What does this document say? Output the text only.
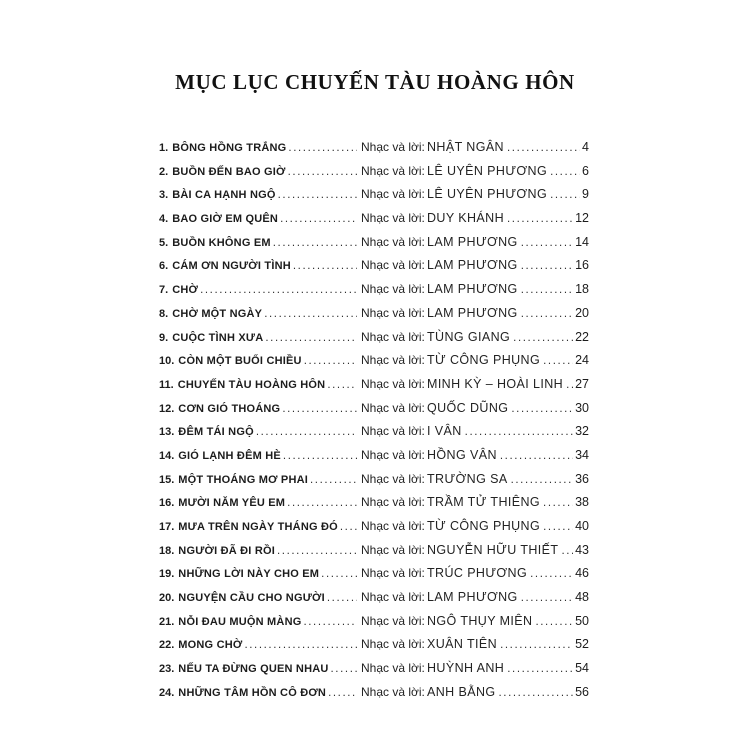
MỤC LỤC CHUYẾN TÀU HOÀNG HÔN
1. BÔNG HỒNG TRẮNG .....	Nhạc và lời: NHẬT NGÂN .....	4
2. BUỒN ĐẾN BAO GIỜ .....	Nhạc và lời: LÊ UYÊN PHƯƠNG .....	6
3. BÀI CA HẠNH NGỘ .....	Nhạc và lời: LÊ UYÊN PHƯƠNG .....	9
4. BAO GIỜ EM QUÊN .....	Nhạc và lời: DUY KHÁNH .....	12
5. BUỒN KHÔNG EM .....	Nhạc và lời: LAM PHƯƠNG .....	14
6. CÁM ƠN NGƯỜI TÌNH .....	Nhạc và lời: LAM PHƯƠNG .....	16
7. CHỜ .....	Nhạc và lời: LAM PHƯƠNG .....	18
8. CHỜ MỘT NGÀY .....	Nhạc và lời: LAM PHƯƠNG .....	20
9. CUỘC TÌNH XƯA .....	Nhạc và lời: TÙNG GIANG .....	22
10. CÒN MỘT BUỔI CHIỀU .....	Nhạc và lời: TỪ CÔNG PHỤNG .....	24
11. CHUYẾN TÀU HOÀNG HÔN .....	Nhạc và lời: MINH KỲ – HOÀI LINH ..... 27
12. CƠN GIÓ THOÁNG .....	Nhạc và lời: QUỐC DŨNG .....	30
13. ĐÊM TÁI NGỘ .....	Nhạc và lời: I VÂN .....	32
14. GIÓ LẠNH ĐÊM HÈ .....	Nhạc và lời: HỒNG VÂN .....	34
15. MỘT THOÁNG MƠ PHAI .....	Nhạc và lời: TRƯỜNG SA .....	36
16. MƯỜI NĂM YÊU EM .....	Nhạc và lời: TRẦM TỬ THIÊNG .....	38
17. MƯA TRÊN NGÀY THÁNG ĐÓ ..... Nhạc và lời: TỪ CÔNG PHỤNG .....	40
18. NGƯỜI ĐÃ ĐI RỒI .....	Nhạc và lời: NGUYỄN HỮU THIẾT ..... 43
19. NHỮNG LỜI NÀY CHO EM .....	Nhạc và lời: TRÚC PHƯƠNG .....	46
20. NGUYỆN CẦU CHO NGƯỜI .....	Nhạc và lời: LAM PHƯƠNG .....	48
21. NỖI ĐAU MUỘN MÀNG .....	Nhạc và lời: NGÔ THỤY MIÊN .....	50
22. MONG CHỜ .....	Nhạc và lời: XUÂN TIÊN .....	52
23. NẾU TA ĐỪNG QUEN NHAU .....	Nhạc và lời: HUỲNH ANH .....	54
24. NHỮNG TÂM HỒN CÔ ĐƠN .....	Nhạc và lời: ANH BẰNG .....	56
